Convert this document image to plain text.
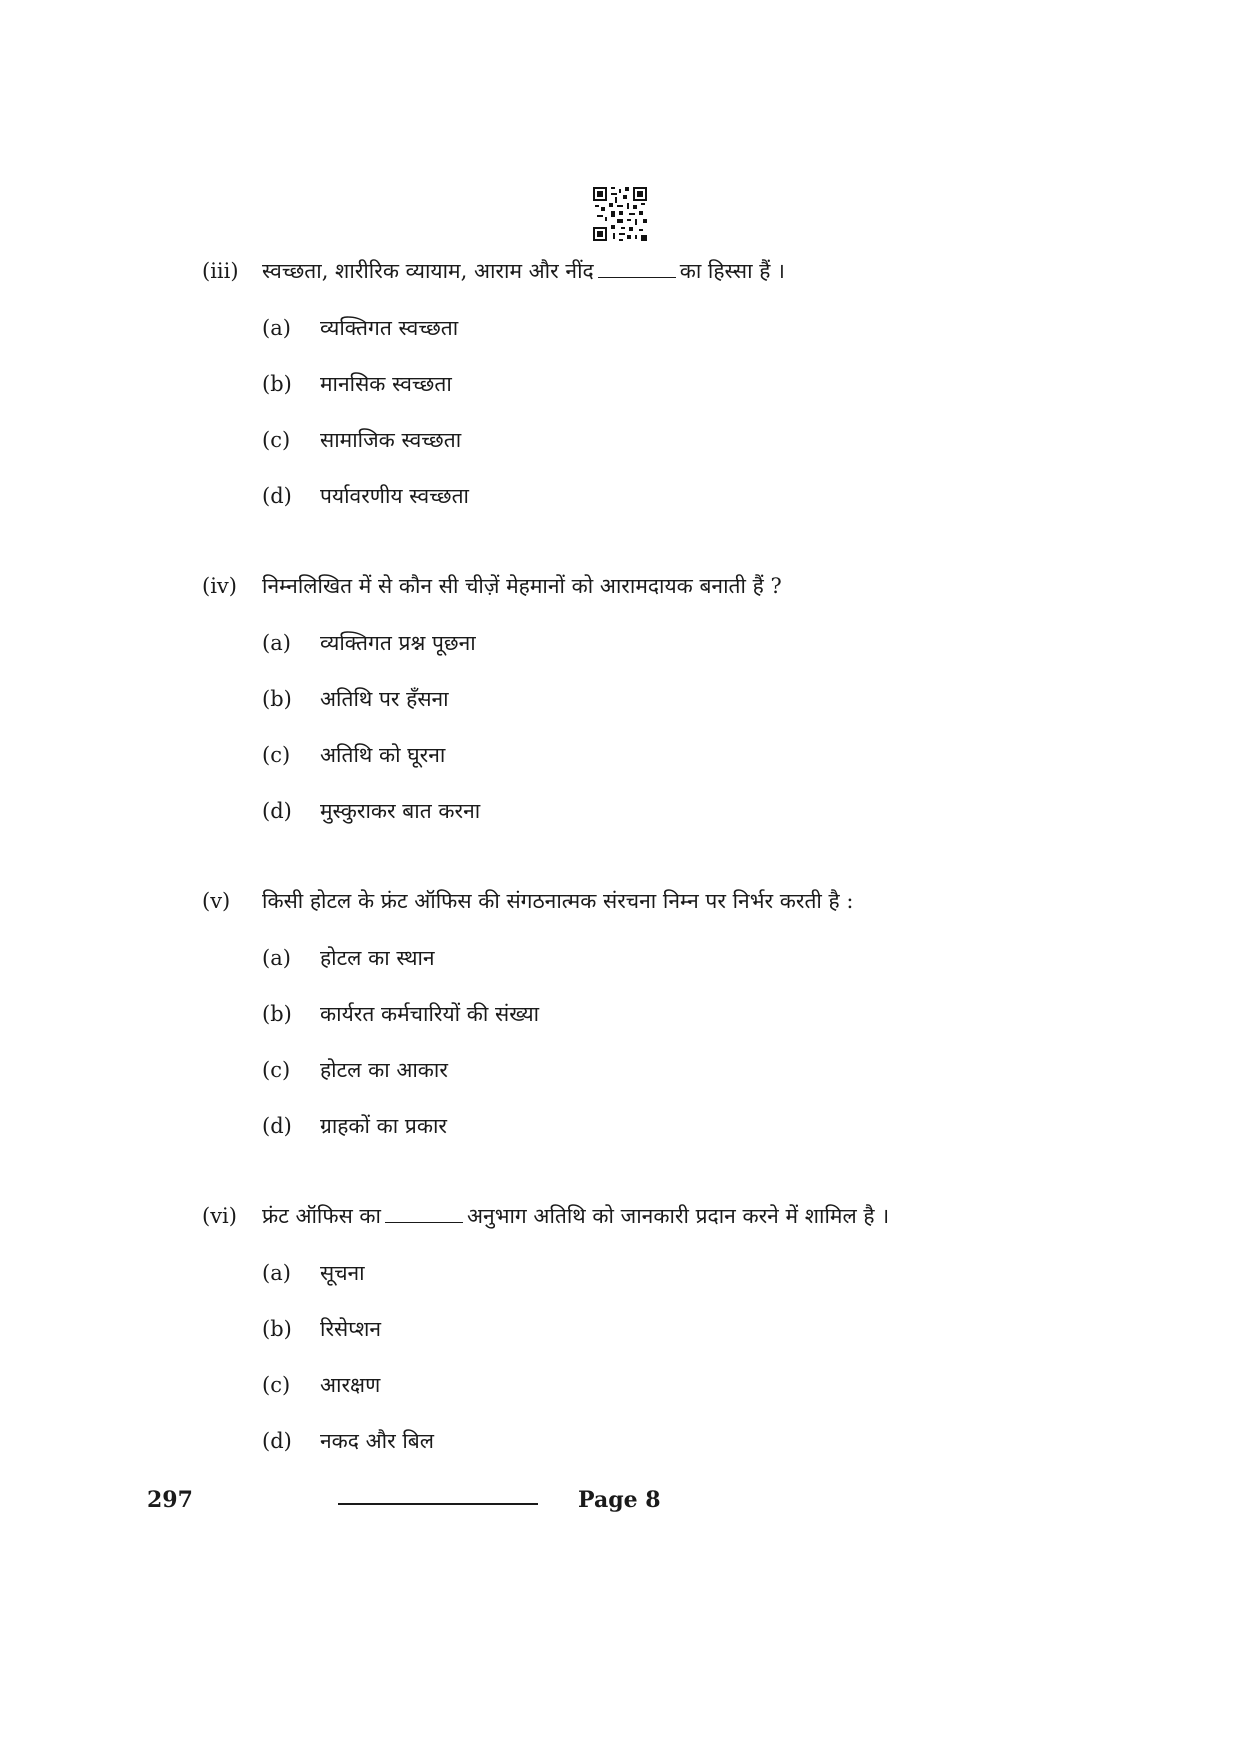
(iii) स्वच्छता, शारीरिक व्यायाम, आराम और नींद	का हिस्सा हैं ।
(a) व्यक्तिगत स्वच्छता
(b) मानसिक स्वच्छता
(c) सामाजिक स्वच्छता
(d) पर्यावरणीय स्वच्छता
(iv) निम्नलिखित में से कौन सी चीज़ें मेहमानों को आरामदायक बनाती हैं ?
(a) व्यक्तिगत प्रश्न पूछना
(b) अतिथि पर हँसना
(c) अतिथि को घूरना
(d) मुस्कुराकर बात करना
(v) किसी होटल के फ्रंट ऑफिस की संगठनात्मक संरचना निम्न पर निर्भर करती है :
(a) होटल का स्थान
(b) कार्यरत कर्मचारियों की संख्या
(c) होटल का आकार
(d) ग्राहकों का प्रकार
(vi) फ्रंट ऑफिस का	अनुभाग अतिथि को जानकारी प्रदान करने में शामिल है ।
(a) सूचना
(b) रिसेप्शन
(c) आरक्षण
(d) नकद और बिल
297	Page 8
